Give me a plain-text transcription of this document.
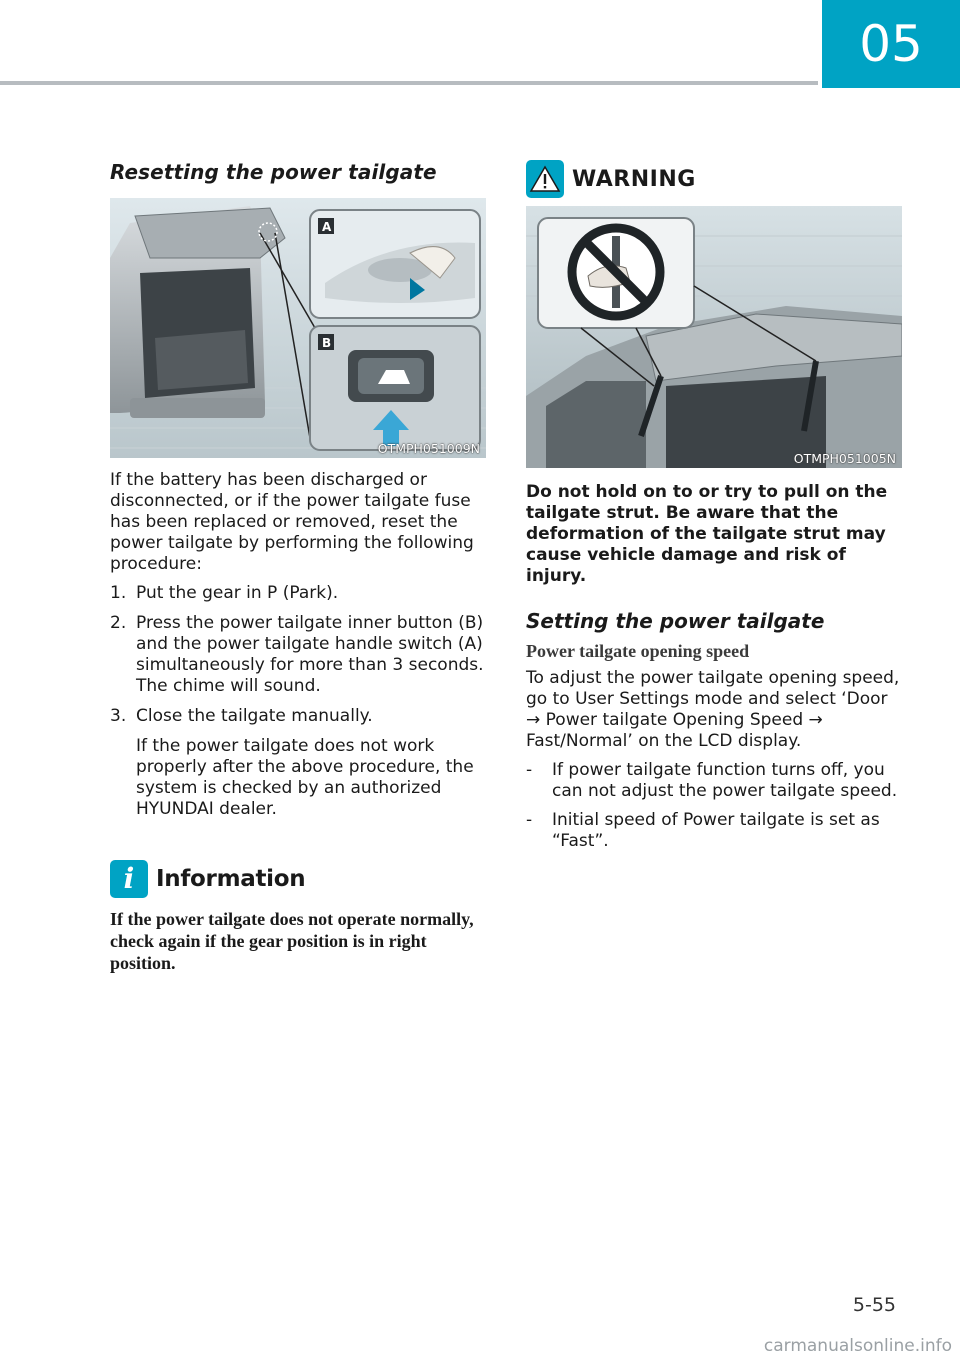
05
Resetting the power tailgate
A
B
OTMPH051009N

If the battery has been discharged or disconnected, or if the power tailgate fuse has been replaced or removed, reset the power tailgate by performing the following procedure:

1. Put the gear in P (Park).
2. Press the power tailgate inner button (B) and the power tailgate handle switch (A) simultaneously for more than 3 seconds. The chime will sound.
3. Close the tailgate manually.

If the power tailgate does not work properly after the above procedure, the system is checked by an authorized HYUNDAI dealer.

i Information

If the power tailgate does not operate normally, check again if the gear position is in right position.

WARNING
OTMPH051005N

Do not hold on to or try to pull on the tailgate strut. Be aware that the deformation of the tailgate strut may cause vehicle damage and risk of injury.

Setting the power tailgate
Power tailgate opening speed

To adjust the power tailgate opening speed, go to User Settings mode and select ‘Door → Power tailgate Opening Speed → Fast/Normal’ on the LCD display.

- If power tailgate function turns off, you can not adjust the power tailgate speed.
- Initial speed of Power tailgate is set as “Fast”.
5-55
carmanualsonline.info
